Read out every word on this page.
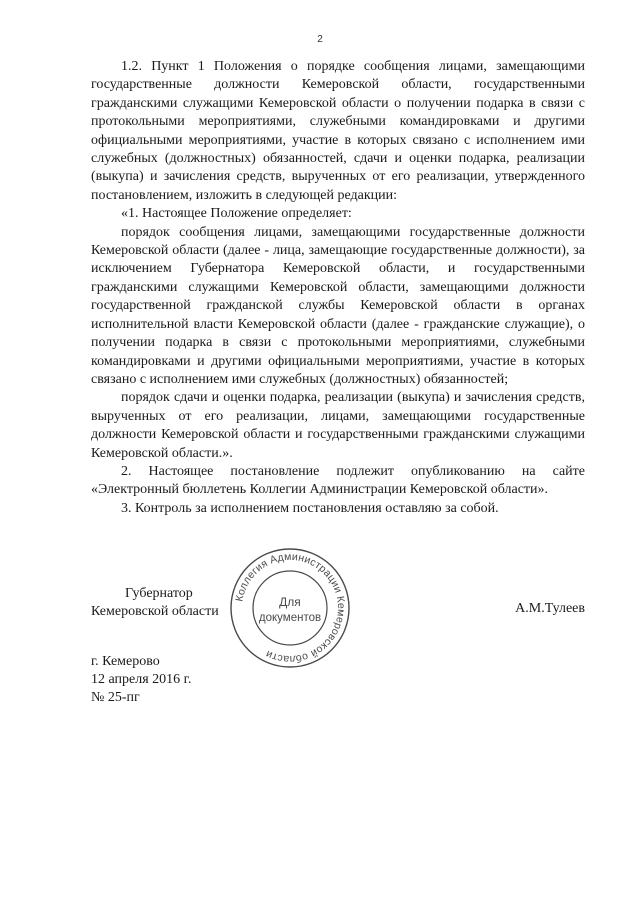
2

1.2. Пункт 1 Положения о порядке сообщения лицами, замещающими государственные должности Кемеровской области, государственными гражданскими служащими Кемеровской области о получении подарка в связи с протокольными мероприятиями, служебными командировками и другими официальными мероприятиями, участие в которых связано с исполнением ими служебных (должностных) обязанностей, сдачи и оценки подарка, реализации (выкупа) и зачисления средств, вырученных от его реализации, утвержденного постановлением, изложить в следующей редакции:

«1. Настоящее Положение определяет:

порядок сообщения лицами, замещающими государственные должности Кемеровской области (далее - лица, замещающие государственные должности), за исключением Губернатора Кемеровской области, и государственными гражданскими служащими Кемеровской области, замещающими должности государственной гражданской службы Кемеровской области в органах исполнительной власти Кемеровской области (далее - гражданские служащие), о получении подарка в связи с протокольными мероприятиями, служебными командировками и другими официальными мероприятиями, участие в которых связано с исполнением ими служебных (должностных) обязанностей;

порядок сдачи и оценки подарка, реализации (выкупа) и зачисления средств, вырученных от его реализации, лицами, замещающими государственные должности Кемеровской области и государственными гражданскими служащими Кемеровской области.».

2. Настоящее постановление подлежит опубликованию на сайте «Электронный бюллетень Коллегии Администрации Кемеровской области».

3. Контроль за исполнением постановления оставляю за собой.

Губернатор
Кемеровской области	А.М.Тулеев
Коллегия Администрации Кемеровской области
Для
документов
г. Кемерово
12 апреля 2016 г.
№ 25-пг
